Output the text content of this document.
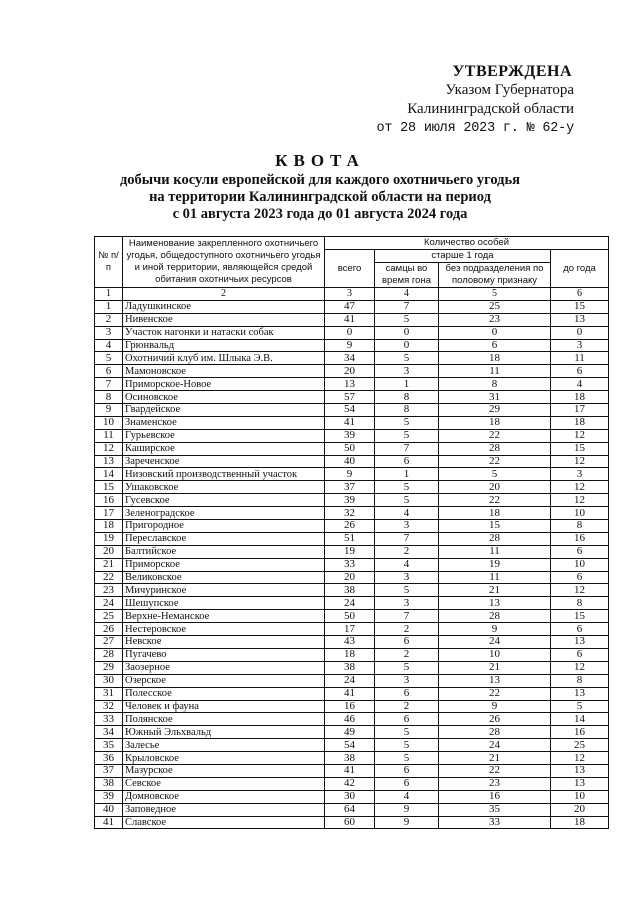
УТВЕРЖДЕНА
Указом Губернатора
Калининградской области
от 28 июля 2023 г. № 62-у
КВОТА
добычи косули европейской для каждого охотничьего угодья
на территории Калининградской области на период
с 01 августа 2023 года до 01 августа 2024 года
№ п/п	Наименование закрепленного охотничьего угодья, общедоступного охотничьего угодья и иной территории, являющейся средой обитания охотничьих ресурсов	Количество особей			
		всего	старше 1 года		до года
			самцы во время гона	без подразделения по половому признаку	
1	2	3	4	5	6
1	Ладушкинское	47	7	25	15
2	Нивенское	41	5	23	13
3	Участок нагонки и натаски собак	0	0	0	0
4	Грюнвальд	9	0	6	3
5	Охотничий клуб им. Шлыка Э.В.	34	5	18	11
6	Мамоновское	20	3	11	6
7	Приморское-Новое	13	1	8	4
8	Осиновское	57	8	31	18
9	Гвардейское	54	8	29	17
10	Знаменское	41	5	18	18
11	Гурьевское	39	5	22	12
12	Каширское	50	7	28	15
13	Зареченское	40	6	22	12
14	Низовский производственный участок	9	1	5	3
15	Ушаковское	37	5	20	12
16	Гусевское	39	5	22	12
17	Зеленоградское	32	4	18	10
18	Пригородное	26	3	15	8
19	Переславское	51	7	28	16
20	Балтийское	19	2	11	6
21	Приморское	33	4	19	10
22	Великовское	20	3	11	6
23	Мичуринское	38	5	21	12
24	Шешупское	24	3	13	8
25	Верхне-Неманское	50	7	28	15
26	Нестеровское	17	2	9	6
27	Невское	43	6	24	13
28	Пугачево	18	2	10	6
29	Заозерное	38	5	21	12
30	Озерское	24	3	13	8
31	Полесское	41	6	22	13
32	Человек и фауна	16	2	9	5
33	Полянское	46	6	26	14
34	Южный Эльхвальд	49	5	28	16
35	Залесье	54	5	24	25
36	Крыловское	38	5	21	12
37	Мазурское	41	6	22	13
38	Севское	42	6	23	13
39	Домновское	30	4	16	10
40	Заповедное	64	9	35	20
41	Славское	60	9	33	18
